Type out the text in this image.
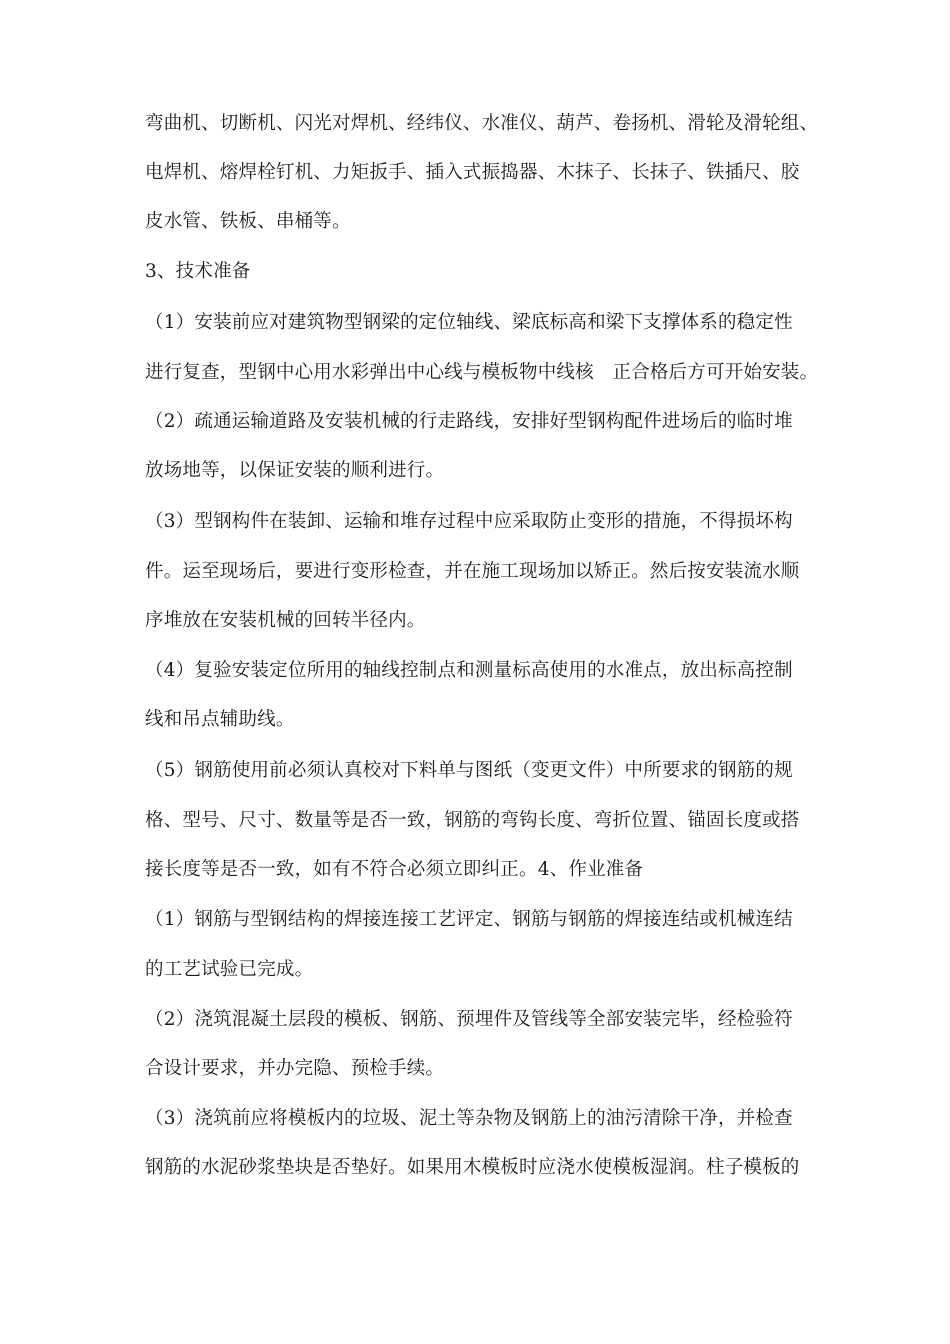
弯曲机、切断机、闪光对焊机、经纬仪、水准仪、葫芦、卷扬机、滑轮及滑轮组、
电焊机、熔焊栓钉机、力矩扳手、插入式振捣器、木抹子、长抹子、铁插尺、胶
皮水管、铁板、串桶等。
3、技术准备
（1）安装前应对建筑物型钢梁的定位轴线、梁底标高和梁下支撑体系的稳定性
进行复查，型钢中心用水彩弹出中心线与模板物中线核　正合格后方可开始安装。
（2）疏通运输道路及安装机械的行走路线，安排好型钢构配件进场后的临时堆
放场地等，以保证安装的顺利进行。
（3）型钢构件在装卸、运输和堆存过程中应采取防止变形的措施，不得损坏构
件。运至现场后，要进行变形检查，并在施工现场加以矫正。然后按安装流水顺
序堆放在安装机械的回转半径内。
（4）复验安装定位所用的轴线控制点和测量标高使用的水准点，放出标高控制
线和吊点辅助线。
（5）钢筋使用前必须认真校对下料单与图纸（变更文件）中所要求的钢筋的规
格、型号、尺寸、数量等是否一致，钢筋的弯钩长度、弯折位置、锚固长度或搭
接长度等是否一致，如有不符合必须立即纠正。4、作业准备
（1）钢筋与型钢结构的焊接连接工艺评定、钢筋与钢筋的焊接连结或机械连结
的工艺试验已完成。
（2）浇筑混凝土层段的模板、钢筋、预埋件及管线等全部安装完毕，经检验符
合设计要求，并办完隐、预检手续。
（3）浇筑前应将模板内的垃圾、泥土等杂物及钢筋上的油污清除干净，并检查
钢筋的水泥砂浆垫块是否垫好。如果用木模板时应浇水使模板湿润。柱子模板的
